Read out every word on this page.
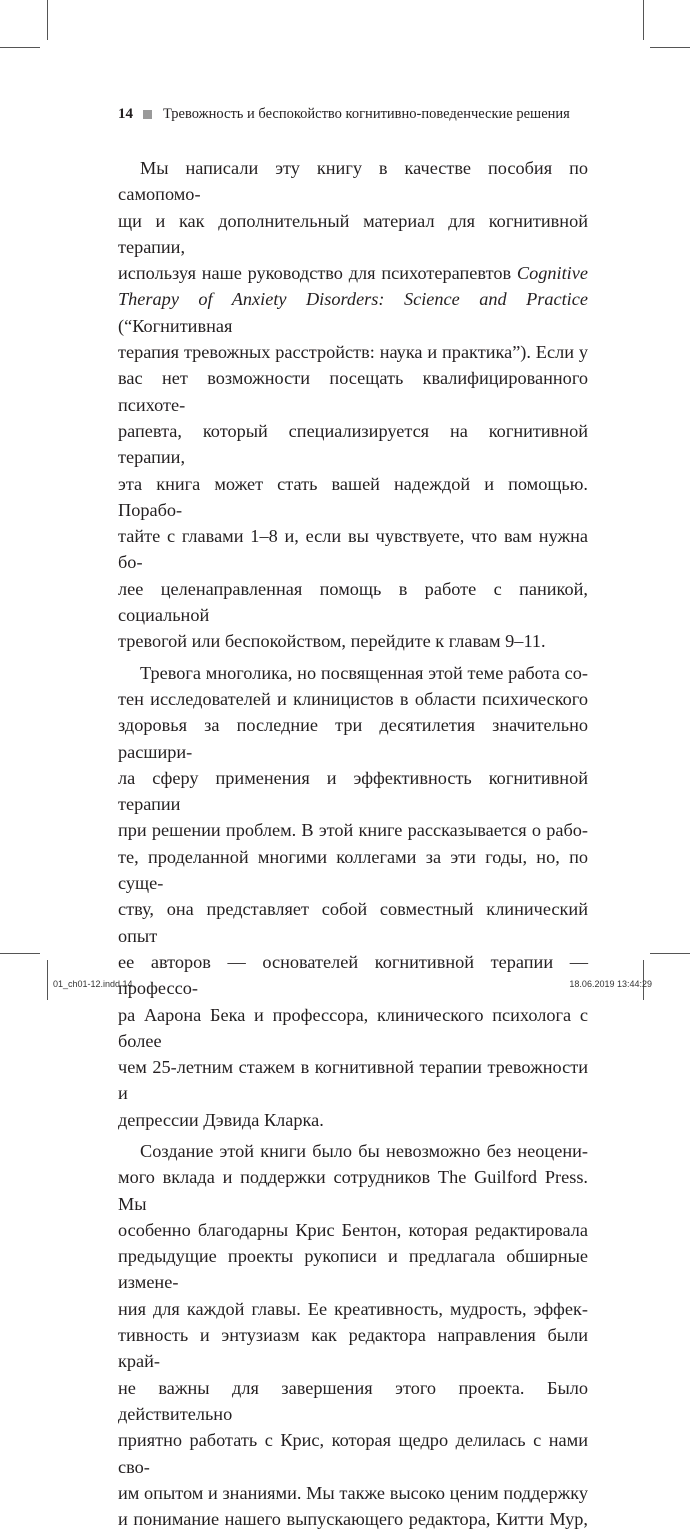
14 Тревожность и беспокойство когнитивно-поведенческие решения

Мы написали эту книгу в качестве пособия по самопомо-
щи и как дополнительный материал для когнитивной терапии,
используя наше руководство для психотерапевтов Cognitive
Therapy of Anxiety Disorders: Science and Practice (“Когнитивная
терапия тревожных расстройств: наука и практика”). Если у
вас нет возможности посещать квалифицированного психоте-
рапевта, который специализируется на когнитивной терапии,
эта книга может стать вашей надеждой и помощью. Порабо-
тайте с главами 1–8 и, если вы чувствуете, что вам нужна бо-
лее целенаправленная помощь в работе с паникой, социальной
тревогой или беспокойством, перейдите к главам 9–11.

Тревога многолика, но посвященная этой теме работа со-
тен исследователей и клиницистов в области психического
здоровья за последние три десятилетия значительно расшири-
ла сферу применения и эффективность когнитивной терапии
при решении проблем. В этой книге рассказывается о рабо-
те, проделанной многими коллегами за эти годы, но, по суще-
ству, она представляет собой совместный клинический опыт
ее авторов — основателей когнитивной терапии — профессо-
ра Аарона Бека и профессора, клинического психолога с более
чем 25-летним стажем в когнитивной терапии тревожности и
депрессии Дэвида Кларка.

Создание этой книги было бы невозможно без неоцени-
мого вклада и поддержки сотрудников The Guilford Press. Мы
особенно благодарны Крис Бентон, которая редактировала
предыдущие проекты рукописи и предлагала обширные измене-
ния для каждой главы. Ее креативность, мудрость, эффек-
тивность и энтузиазм как редактора направления были край-
не важны для завершения этого проекта. Было действительно
приятно работать с Крис, которая щедро делилась с нами сво-
им опытом и знаниями. Мы также высоко ценим поддержку
и понимание нашего выпускающего редактора, Китти Мур,

01_ch01-12.indd 14	18.06.2019 13:44:29
